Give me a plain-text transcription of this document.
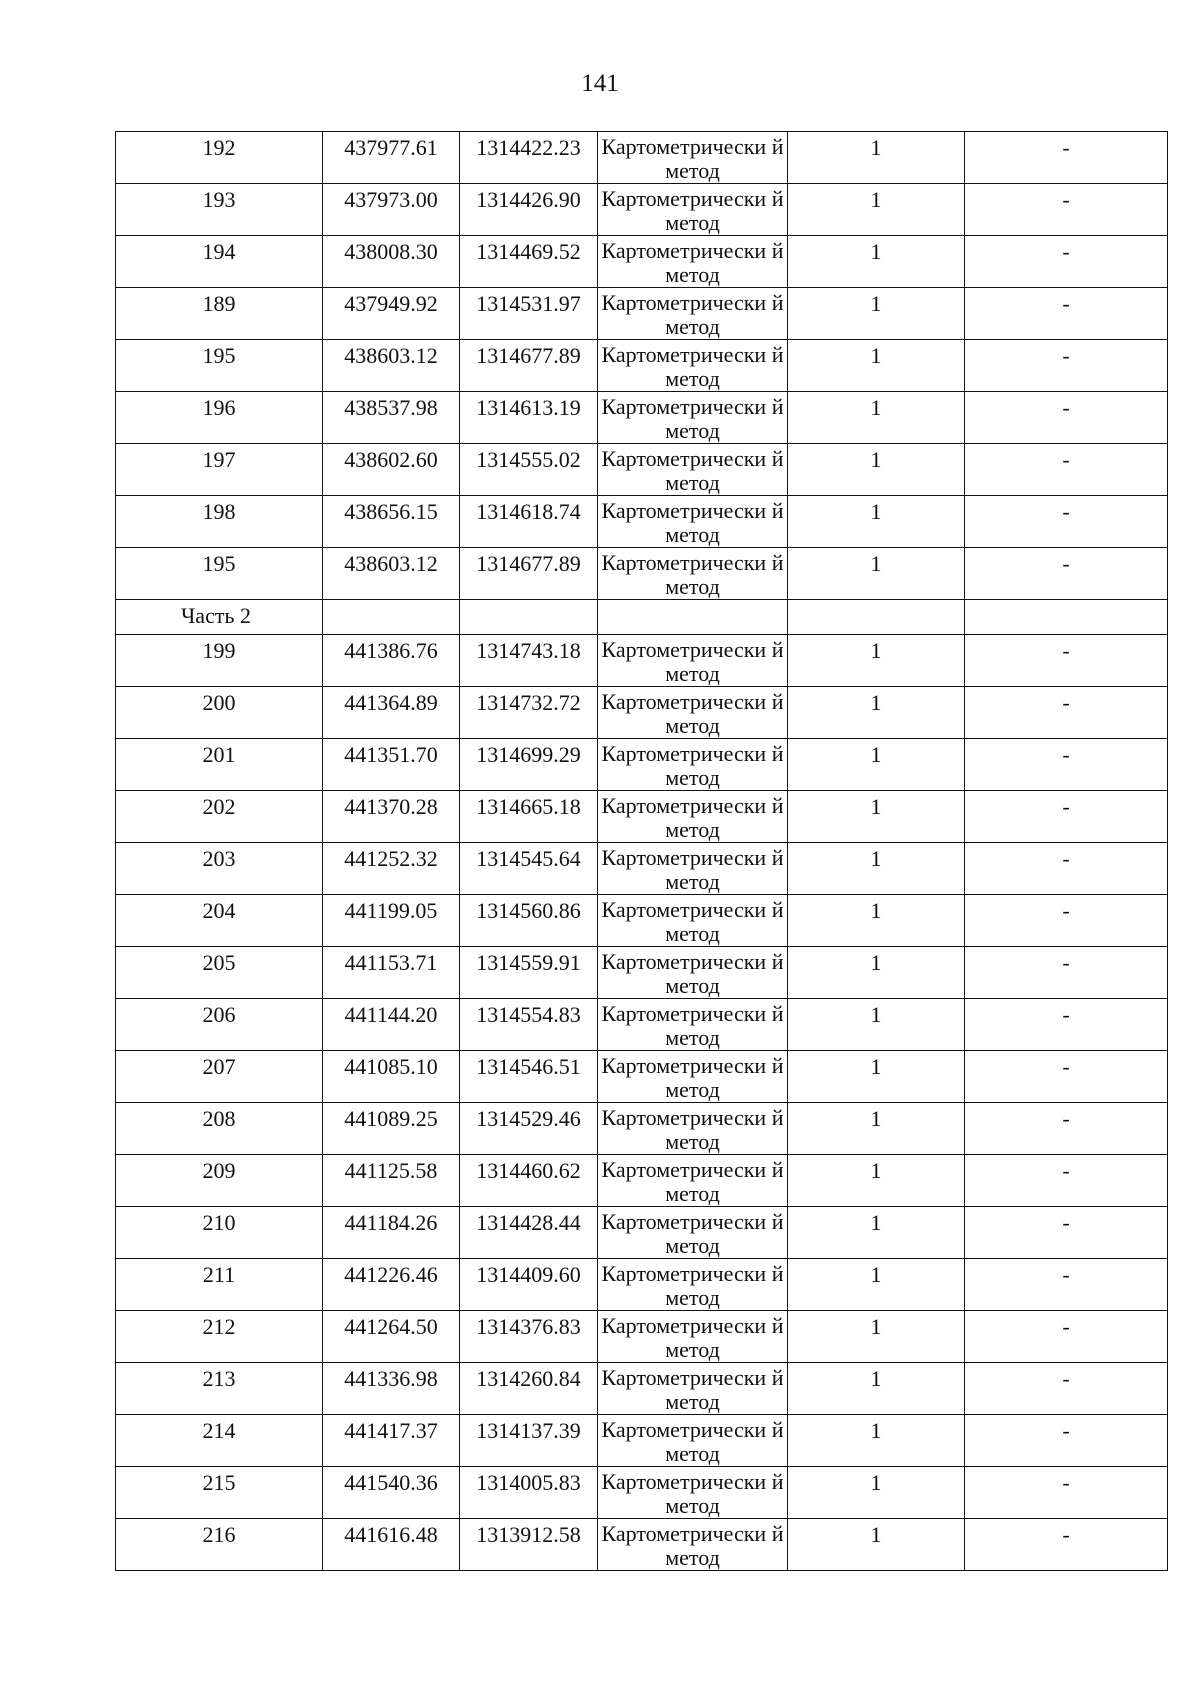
141
192	437977.61	1314422.23	Картометрически й метод	1	-

193	437973.00	1314426.90	Картометрически й метод	1	-

194	438008.30	1314469.52	Картометрически й метод	1	-

189	437949.92	1314531.97	Картометрически й метод	1	-

195	438603.12	1314677.89	Картометрически й метод	1	-

196	438537.98	1314613.19	Картометрически й метод	1	-

197	438602.60	1314555.02	Картометрически й метод	1	-

198	438656.15	1314618.74	Картометрически й метод	1	-

195	438603.12	1314677.89	Картометрически й метод	1	-

Часть 2					

199	441386.76	1314743.18	Картометрически й метод	1	-

200	441364.89	1314732.72	Картометрически й метод	1	-

201	441351.70	1314699.29	Картометрически й метод	1	-

202	441370.28	1314665.18	Картометрически й метод	1	-

203	441252.32	1314545.64	Картометрически й метод	1	-

204	441199.05	1314560.86	Картометрически й метод	1	-

205	441153.71	1314559.91	Картометрически й метод	1	-

206	441144.20	1314554.83	Картометрически й метод	1	-

207	441085.10	1314546.51	Картометрически й метод	1	-

208	441089.25	1314529.46	Картометрически й метод	1	-

209	441125.58	1314460.62	Картометрически й метод	1	-

210	441184.26	1314428.44	Картометрически й метод	1	-

211	441226.46	1314409.60	Картометрически й метод	1	-

212	441264.50	1314376.83	Картометрически й метод	1	-

213	441336.98	1314260.84	Картометрически й метод	1	-

214	441417.37	1314137.39	Картометрически й метод	1	-

215	441540.36	1314005.83	Картометрически й метод	1	-

216	441616.48	1313912.58	Картометрически й метод	1	-
